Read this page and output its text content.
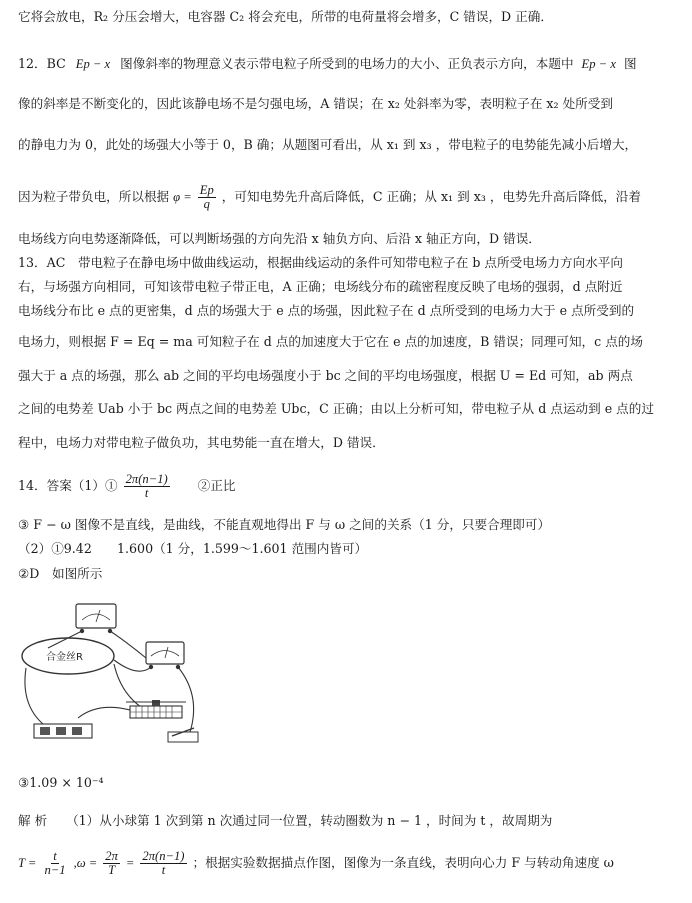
它将会放电，R₂ 分压会增大，电容器 C₂ 将会充电，所带的电荷量将会增多，C 错误，D 正确．
12．BC Ep − x 图像斜率的物理意义表示带电粒子所受到的电场力的大小、正负表示方向，本题中 Ep − x 图
像的斜率是不断变化的，因此该静电场不是匀强电场，A 错误；在 x₂ 处斜率为零，表明粒子在 x₂ 处所受到
的静电力为 0，此处的场强大小等于 0，B 确；从题图可看出，从 x₁ 到 x₃ ，带电粒子的电势能先减小后增大，
因为粒子带负电，所以根据 $\varphi = \frac{Ep}{q}$ ，可知电势先升高后降低，C 正确；从 x₁ 到 x₃ ，电势先升高后降低，沿着
电场线方向电势逐渐降低，可以判断场强的方向先沿 x 轴负方向、后沿 x 轴正方向，D 错误．
13．AC　带电粒子在静电场中做曲线运动，根据曲线运动的条件可知带电粒子在 b 点所受电场力方向水平向
右，与场强方向相同，可知该带电粒子带正电，A 正确；电场线分布的疏密程度反映了电场的强弱，d 点附近
电场线分布比 e 点的更密集，d 点的场强大于 e 点的场强，因此粒子在 d 点所受到的电场力大于 e 点所受到的
电场力，则根据 F = Eq = ma 可知粒子在 d 点的加速度大于它在 e 点的加速度，B 错误；同理可知，c 点的场
强大于 a 点的场强，那么 ab 之间的平均电场强度小于 bc 之间的平均电场强度，根据 U = Ed 可知，ab 两点
之间的电势差 Uab 小于 bc 两点之间的电势差 Ubc，C 正确；由以上分析可知，带电粒子从 d 点运动到 e 点的过
程中，电场力对带电粒子做负功，其电势能一直在增大，D 错误．
14．答案（1）① $\frac{2\pi(n-1)}{t}$ ②正比
③ F − ω 图像不是直线，是曲线，不能直观地得出 F 与 ω 之间的关系（1 分，只要合理即可）
（2）①9.42　　1.600（1 分，1.599～1.601 范围内皆可）
②D　如图所示
合金丝R
③1.09 × 10⁻⁴
解 析　　（1）从小球第 1 次到第 n 次通过同一位置，转动圈数为 n − 1 ，时间为 t ，故周期为
$T = \frac{t}{n-1} ,\omega = \frac{2\pi}{T} = \frac{2\pi(n-1)}{t}$ ；根据实验数据描点作图，图像为一条直线，表明向心力 F 与转动角速度 ω
